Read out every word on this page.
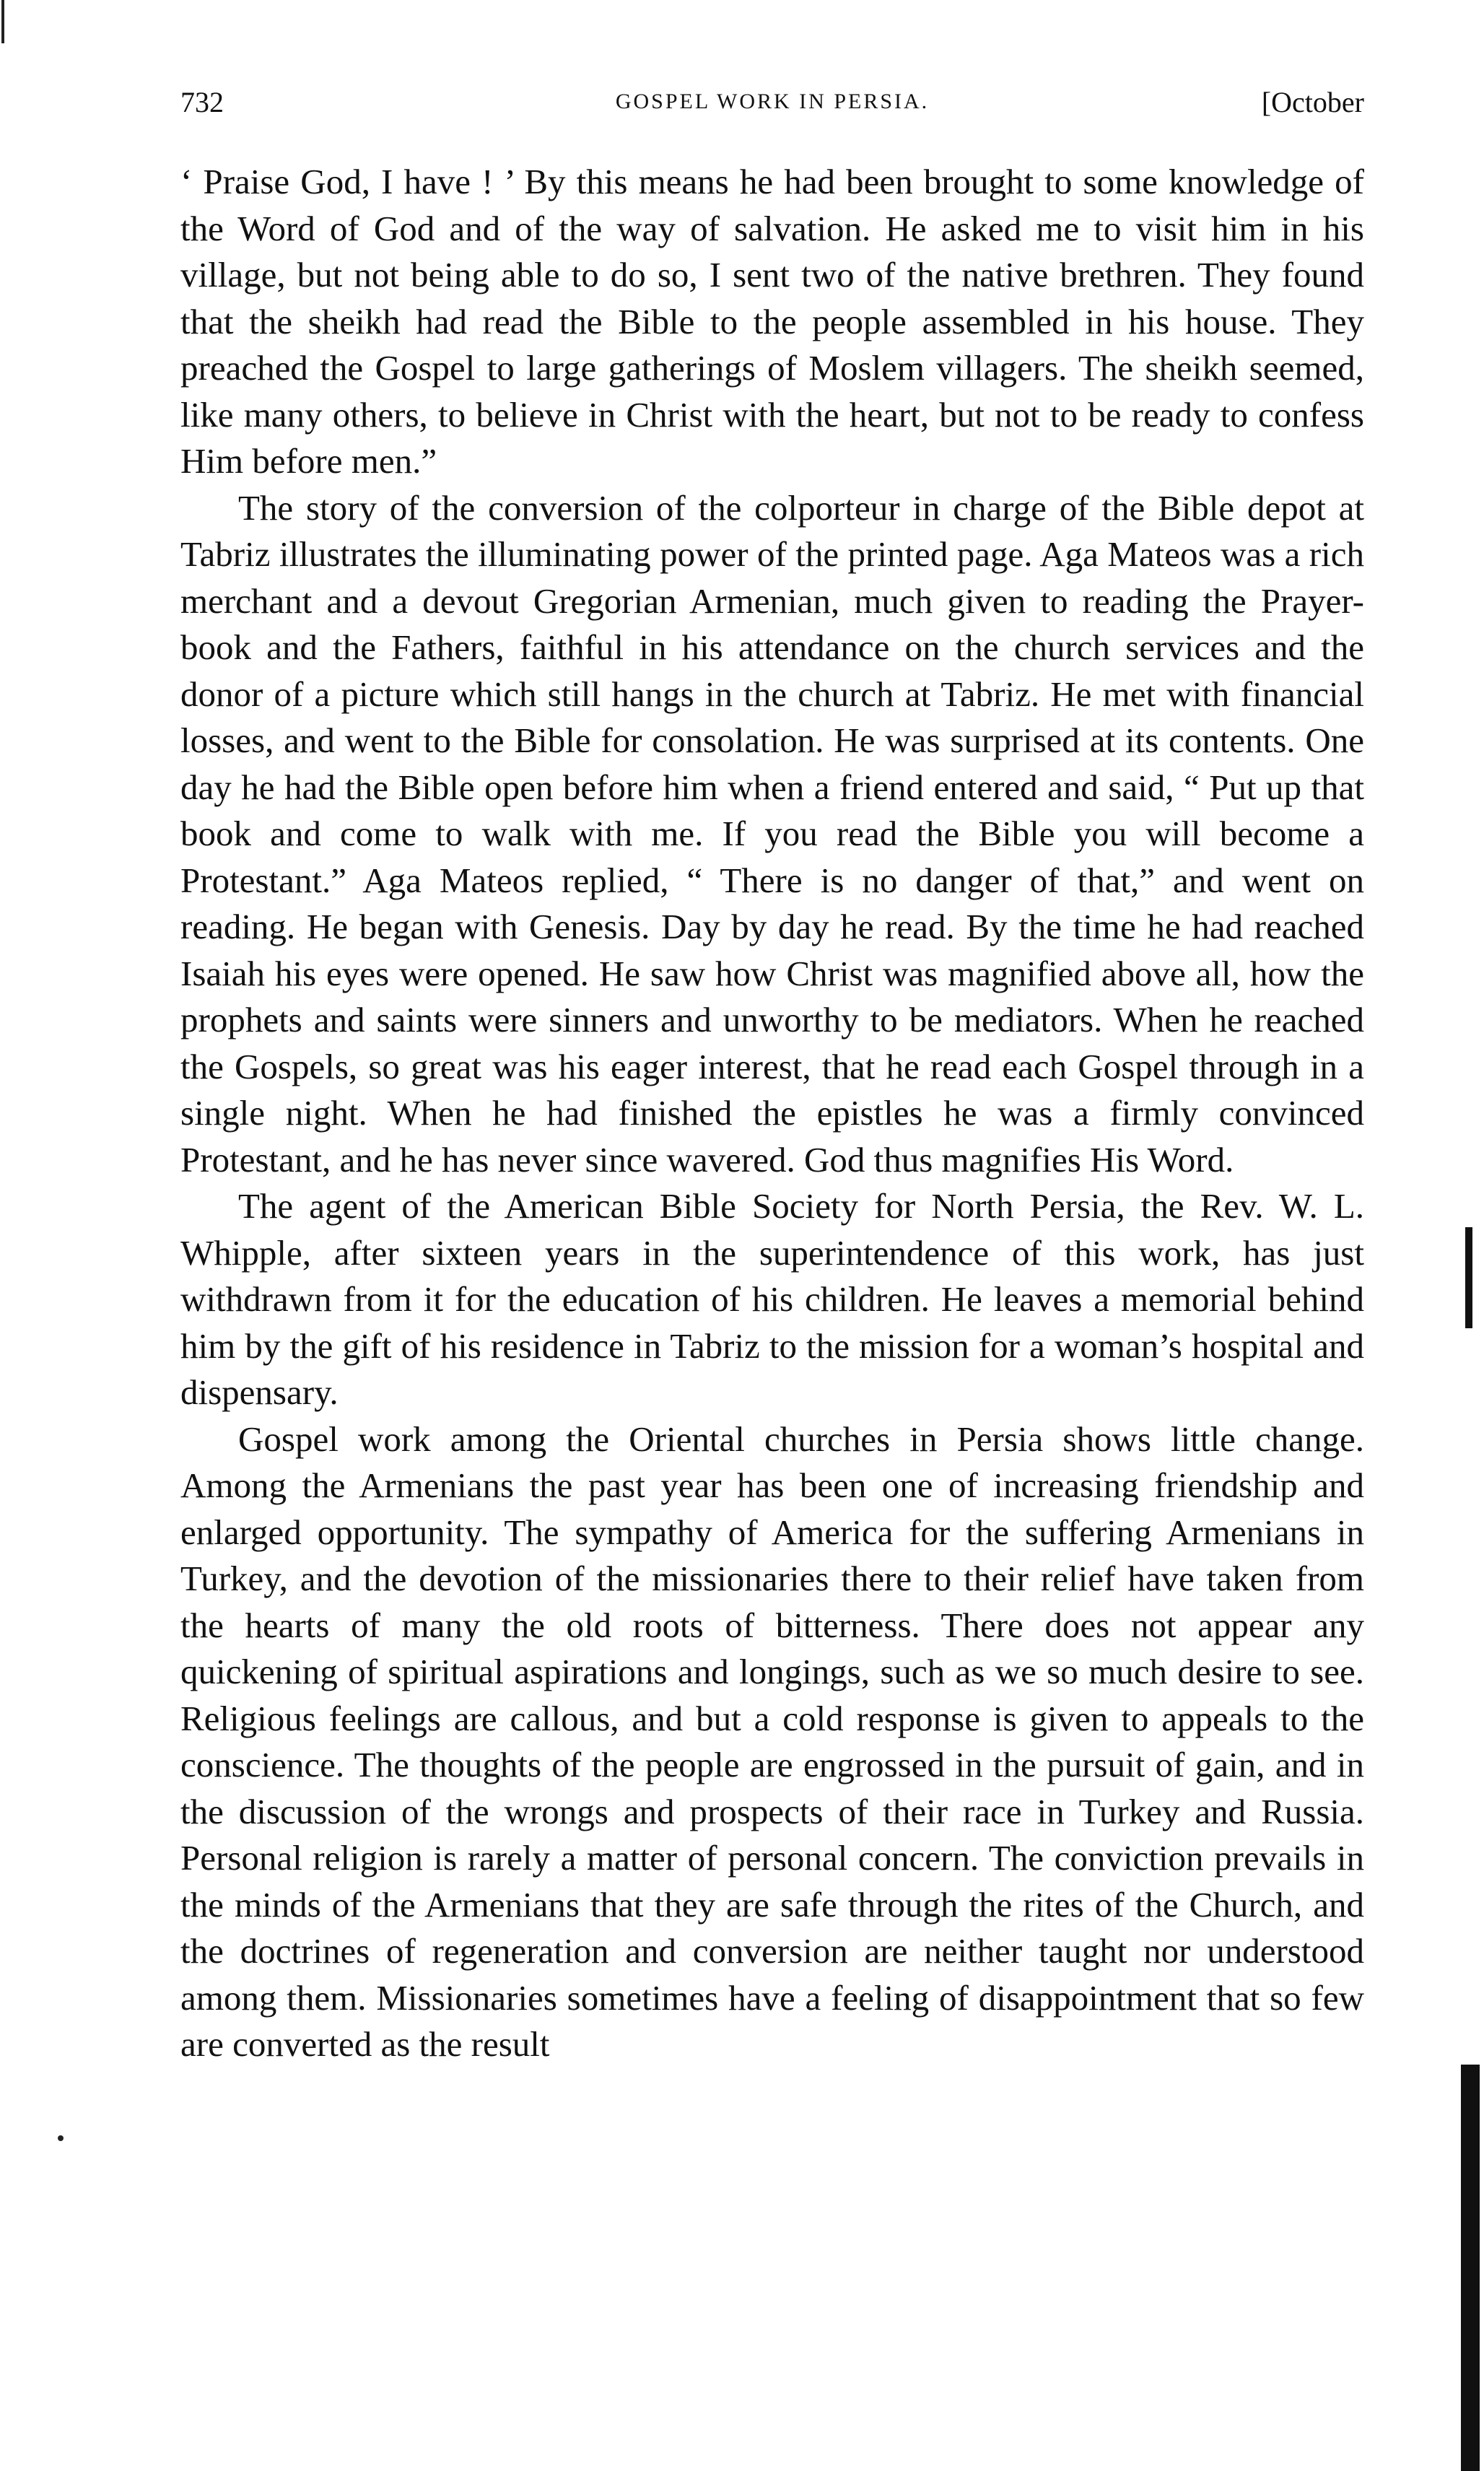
732	GOSPEL WORK IN PERSIA.	[October

‘ Praise God, I have ! ’ By this means he had been brought to some knowledge of the Word of God and of the way of salvation. He asked me to visit him in his village, but not being able to do so, I sent two of the native brethren. They found that the sheikh had read the Bible to the people assembled in his house. They preached the Gospel to large gatherings of Moslem villagers. The sheikh seemed, like many others, to believe in Christ with the heart, but not to be ready to confess Him before men.”

The story of the conversion of the colporteur in charge of the Bible depot at Tabriz illustrates the illuminating power of the printed page. Aga Mateos was a rich merchant and a devout Gregorian Armenian, much given to reading the Prayer-book and the Fathers, faithful in his attendance on the church services and the donor of a picture which still hangs in the church at Tabriz. He met with financial losses, and went to the Bible for consolation. He was surprised at its contents. One day he had the Bible open before him when a friend entered and said, “ Put up that book and come to walk with me. If you read the Bible you will become a Protestant.” Aga Mateos replied, “ There is no danger of that,” and went on reading. He began with Genesis. Day by day he read. By the time he had reached Isaiah his eyes were opened. He saw how Christ was magnified above all, how the prophets and saints were sinners and unworthy to be mediators. When he reached the Gospels, so great was his eager interest, that he read each Gospel through in a single night. When he had finished the epistles he was a firmly convinced Protestant, and he has never since wavered. God thus magnifies His Word.

The agent of the American Bible Society for North Persia, the Rev. W. L. Whipple, after sixteen years in the superintendence of this work, has just withdrawn from it for the education of his children. He leaves a memorial behind him by the gift of his residence in Tabriz to the mission for a woman’s hospital and dispensary.

Gospel work among the Oriental churches in Persia shows little change. Among the Armenians the past year has been one of increasing friendship and enlarged opportunity. The sympathy of America for the suffering Armenians in Turkey, and the devotion of the missionaries there to their relief have taken from the hearts of many the old roots of bitterness. There does not appear any quickening of spiritual aspirations and longings, such as we so much desire to see. Religious feelings are callous, and but a cold response is given to appeals to the conscience. The thoughts of the people are engrossed in the pursuit of gain, and in the discussion of the wrongs and prospects of their race in Turkey and Russia. Personal religion is rarely a matter of personal concern. The conviction prevails in the minds of the Armenians that they are safe through the rites of the Church, and the doctrines of regeneration and conversion are neither taught nor understood among them. Missionaries sometimes have a feeling of disappointment that so few are converted as the result
